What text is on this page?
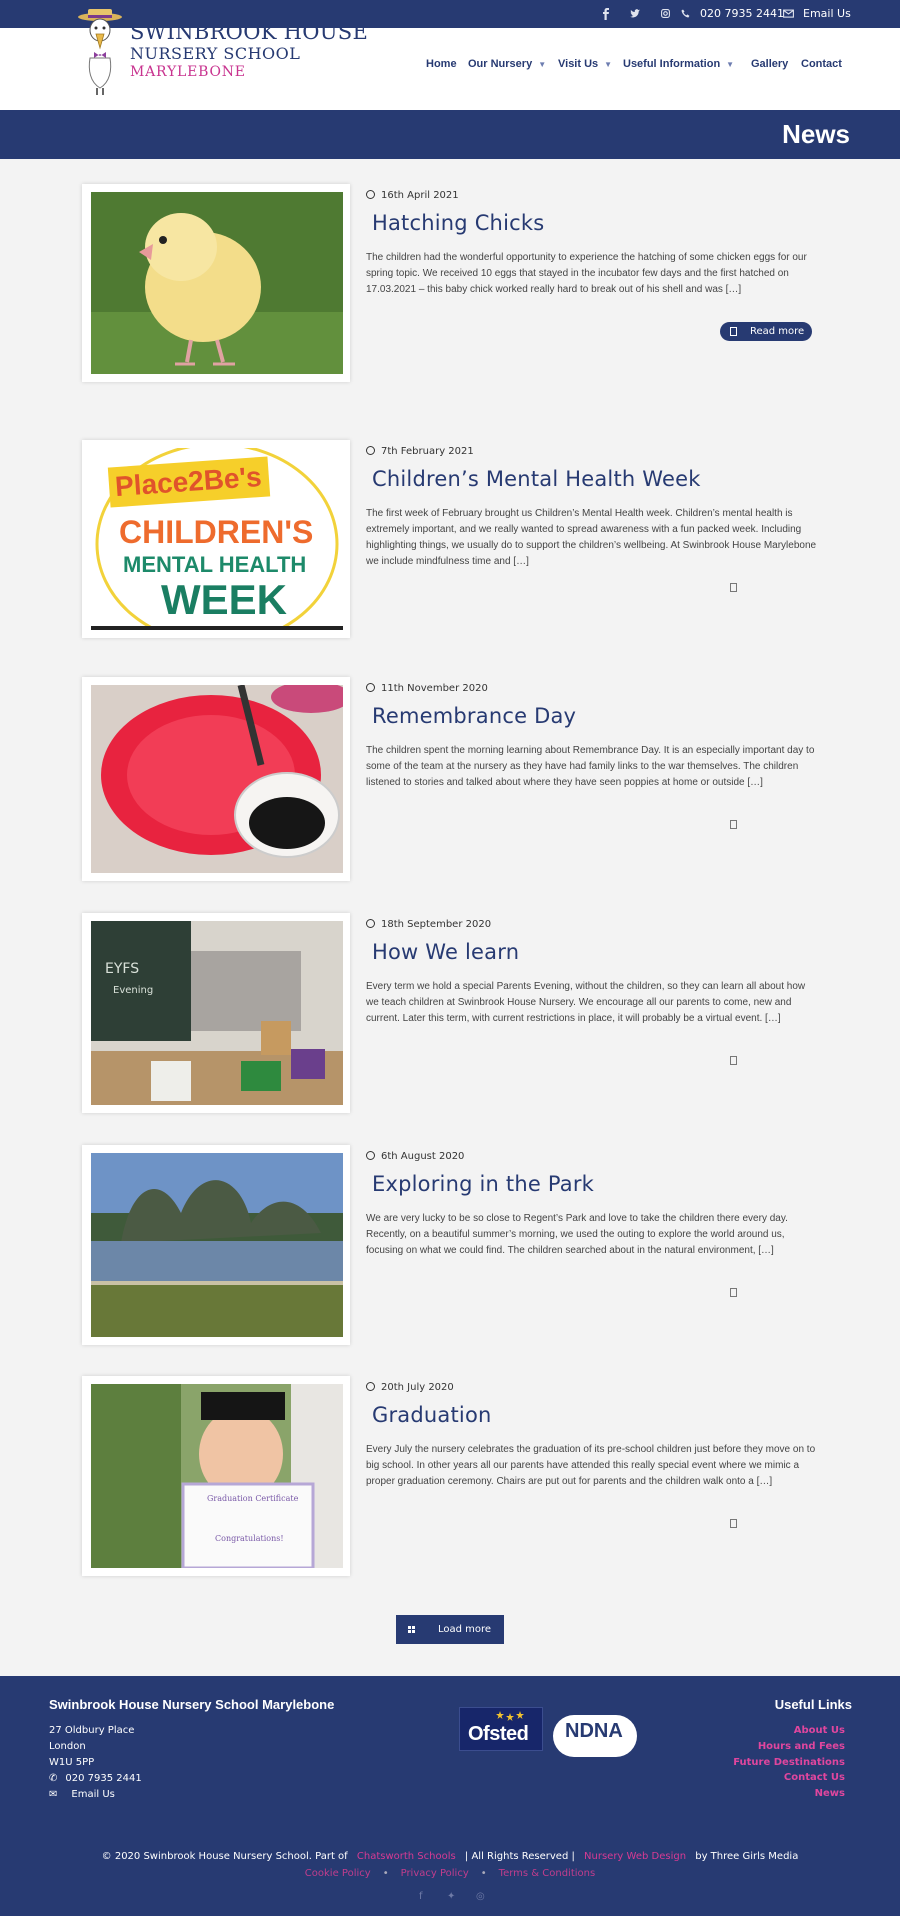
020 7935 2441 Email Us
SWINBROOK HOUSE
NURSERY SCHOOL
MARYLEBONE	Home Our Nursery ▼ Visit Us ▼ Useful Information ▼ Gallery Contact
News
16th April 2021
Hatching Chicks
The children had the wonderful opportunity to experience the hatching of some chicken eggs for our spring topic. We received 10 eggs that stayed in the incubator few days and the first hatched on 17.03.2021 – this baby chick worked really hard to break out of his shell and was […]
Read more
Place2Be's
CHILDREN'S
MENTAL HEALTH
WEEK
7th February 2021
Children’s Mental Health Week
The first week of February brought us Children’s Mental Health week. Children’s mental health is extremely important, and we really wanted to spread awareness with a fun packed week. Including highlighting things, we usually do to support the children’s wellbeing. At Swinbrook House Marylebone we include mindfulness time and […]
11th November 2020
Remembrance Day
The children spent the morning learning about Remembrance Day. It is an especially important day to some of the team at the nursery as they have had family links to the war themselves. The children listened to stories and talked about where they have seen poppies at home or outside […]
EYFS
Evening
18th September 2020
How We learn
Every term we hold a special Parents Evening, without the children, so they can learn all about how we teach children at Swinbrook House Nursery. We encourage all our parents to come, new and current. Later this term, with current restrictions in place, it will probably be a virtual event. […]
6th August 2020
Exploring in the Park
We are very lucky to be so close to Regent’s Park and love to take the children there every day. Recently, on a beautiful summer’s morning, we used the outing to explore the world around us, focusing on what we could find. The children searched about in the natural environment, […]
Graduation Certificate
Congratulations!
20th July 2020
Graduation
Every July the nursery celebrates the graduation of its pre-school children just before they move on to big school. In other years all our parents have attended this really special event where we mimic a proper graduation ceremony. Chairs are put out for parents and the children walk onto a […]
Load more
Swinbrook House Nursery School Marylebone
27 Oldbury Place
London
W1U 5PP
✆ 020 7935 2441
✉ Email Us
Ofsted NDNA
Useful Links
About Us
Hours and Fees
Future Destinations
Contact Us
News
© 2020 Swinbrook House Nursery School. Part of Chatsworth Schools | All Rights Reserved | Nursery Web Design by Three Girls Media
Cookie Policy • Privacy Policy • Terms & Conditions
f ✦ ◎
